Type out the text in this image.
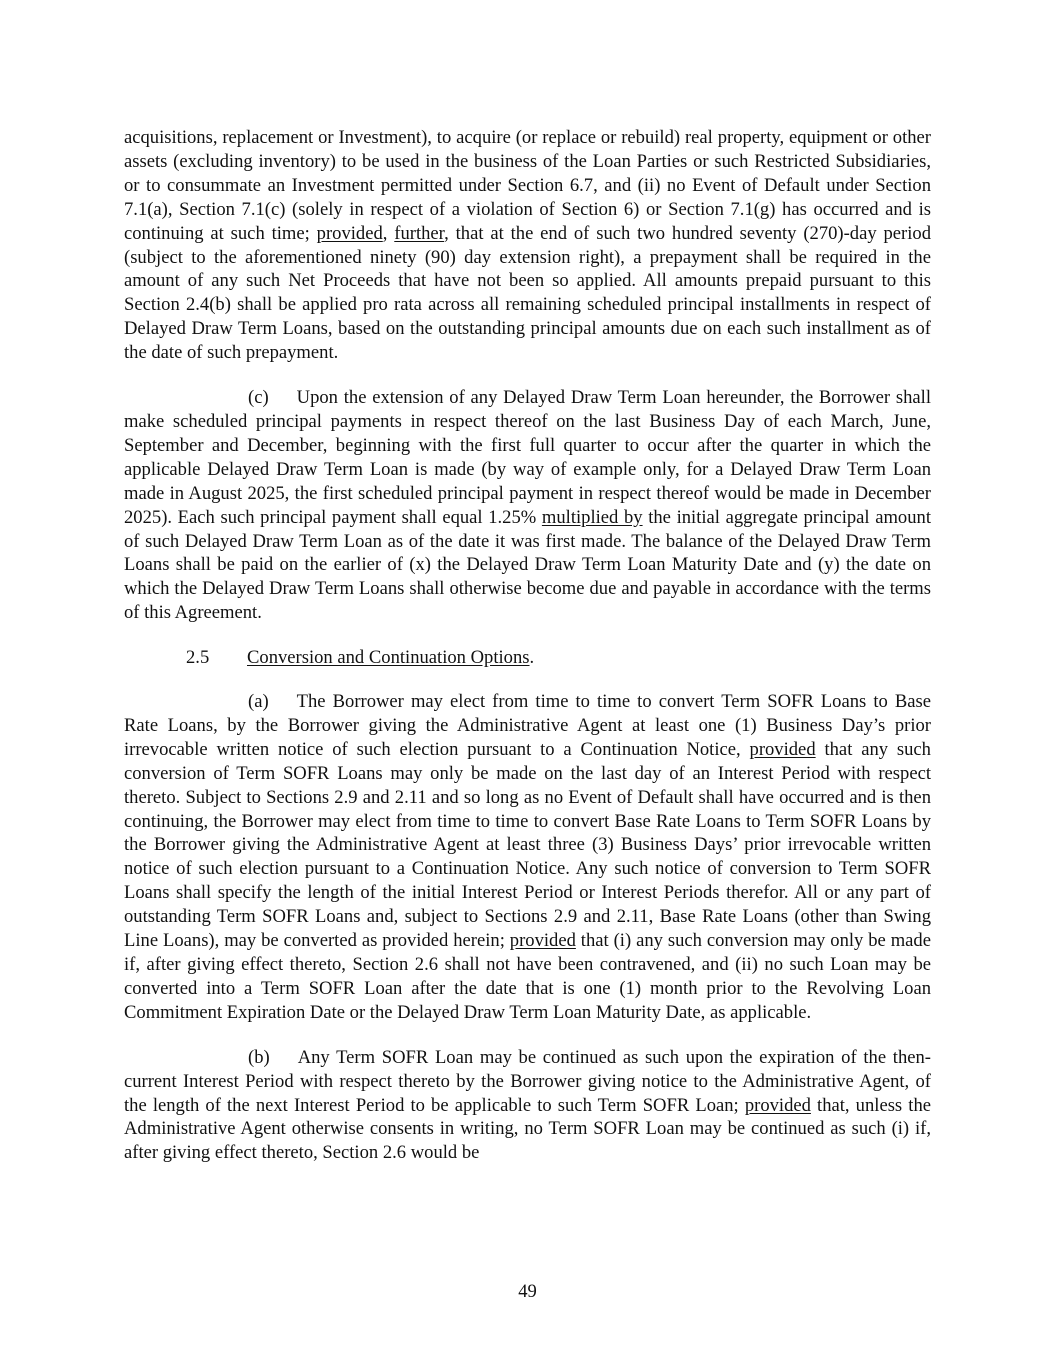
acquisitions, replacement or Investment), to acquire (or replace or rebuild) real property, equipment or other assets (excluding inventory) to be used in the business of the Loan Parties or such Restricted Subsidiaries, or to consummate an Investment permitted under Section 6.7, and (ii) no Event of Default under Section 7.1(a), Section 7.1(c) (solely in respect of a violation of Section 6) or Section 7.1(g) has occurred and is continuing at such time; provided, further, that at the end of such two hundred seventy (270)-day period (subject to the aforementioned ninety (90) day extension right), a prepayment shall be required in the amount of any such Net Proceeds that have not been so applied. All amounts prepaid pursuant to this Section 2.4(b) shall be applied pro rata across all remaining scheduled principal installments in respect of Delayed Draw Term Loans, based on the outstanding principal amounts due on each such installment as of the date of such prepayment.

(c) Upon the extension of any Delayed Draw Term Loan hereunder, the Borrower shall make scheduled principal payments in respect thereof on the last Business Day of each March, June, September and December, beginning with the first full quarter to occur after the quarter in which the applicable Delayed Draw Term Loan is made (by way of example only, for a Delayed Draw Term Loan made in August 2025, the first scheduled principal payment in respect thereof would be made in December 2025). Each such principal payment shall equal 1.25% multiplied by the initial aggregate principal amount of such Delayed Draw Term Loan as of the date it was first made. The balance of the Delayed Draw Term Loans shall be paid on the earlier of (x) the Delayed Draw Term Loan Maturity Date and (y) the date on which the Delayed Draw Term Loans shall otherwise become due and payable in accordance with the terms of this Agreement.

2.5 Conversion and Continuation Options.

(a) The Borrower may elect from time to time to convert Term SOFR Loans to Base Rate Loans, by the Borrower giving the Administrative Agent at least one (1) Business Day’s prior irrevocable written notice of such election pursuant to a Continuation Notice, provided that any such conversion of Term SOFR Loans may only be made on the last day of an Interest Period with respect thereto. Subject to Sections 2.9 and 2.11 and so long as no Event of Default shall have occurred and is then continuing, the Borrower may elect from time to time to convert Base Rate Loans to Term SOFR Loans by the Borrower giving the Administrative Agent at least three (3) Business Days’ prior irrevocable written notice of such election pursuant to a Continuation Notice. Any such notice of conversion to Term SOFR Loans shall specify the length of the initial Interest Period or Interest Periods therefor. All or any part of outstanding Term SOFR Loans and, subject to Sections 2.9 and 2.11, Base Rate Loans (other than Swing Line Loans), may be converted as provided herein; provided that (i) any such conversion may only be made if, after giving effect thereto, Section 2.6 shall not have been contravened, and (ii) no such Loan may be converted into a Term SOFR Loan after the date that is one (1) month prior to the Revolving Loan Commitment Expiration Date or the Delayed Draw Term Loan Maturity Date, as applicable.

(b) Any Term SOFR Loan may be continued as such upon the expiration of the then-current Interest Period with respect thereto by the Borrower giving notice to the Administrative Agent, of the length of the next Interest Period to be applicable to such Term SOFR Loan; provided that, unless the Administrative Agent otherwise consents in writing, no Term SOFR Loan may be continued as such (i) if, after giving effect thereto, Section 2.6 would be

49
